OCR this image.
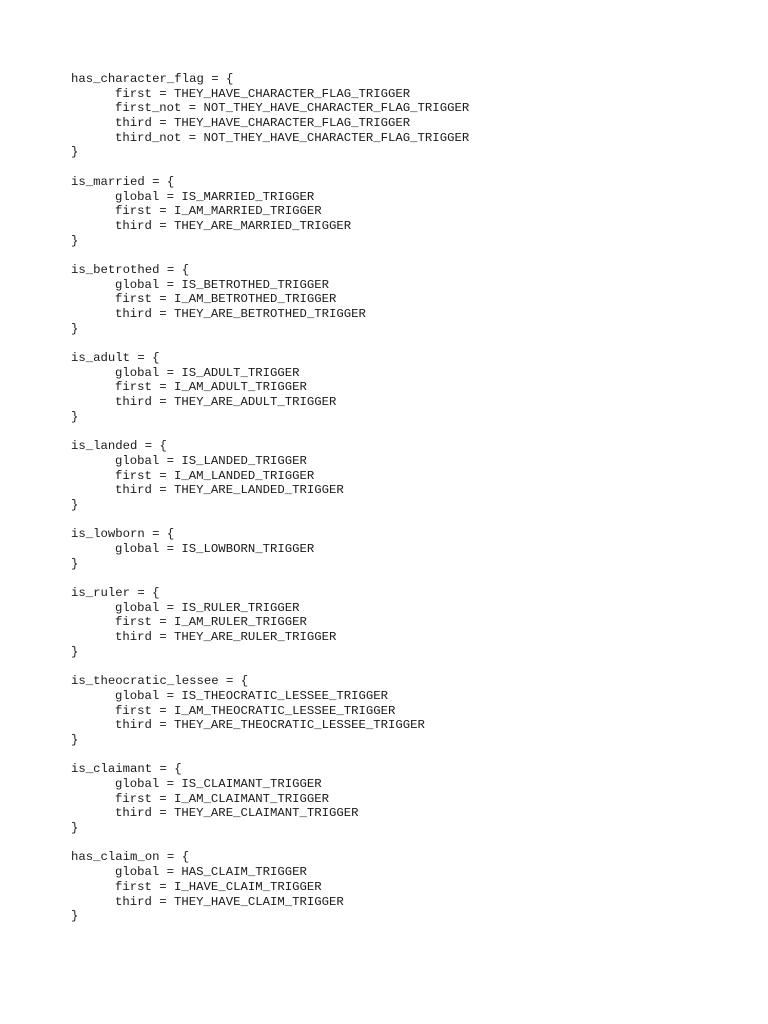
has_character_flag = {
first = THEY_HAVE_CHARACTER_FLAG_TRIGGER
first_not = NOT_THEY_HAVE_CHARACTER_FLAG_TRIGGER
third = THEY_HAVE_CHARACTER_FLAG_TRIGGER
third_not = NOT_THEY_HAVE_CHARACTER_FLAG_TRIGGER
}
is_married = {
global = IS_MARRIED_TRIGGER
first = I_AM_MARRIED_TRIGGER
third = THEY_ARE_MARRIED_TRIGGER
}
is_betrothed = {
global = IS_BETROTHED_TRIGGER
first = I_AM_BETROTHED_TRIGGER
third = THEY_ARE_BETROTHED_TRIGGER
}
is_adult = {
global = IS_ADULT_TRIGGER
first = I_AM_ADULT_TRIGGER
third = THEY_ARE_ADULT_TRIGGER
}
is_landed = {
global = IS_LANDED_TRIGGER
first = I_AM_LANDED_TRIGGER
third = THEY_ARE_LANDED_TRIGGER
}
is_lowborn = {
global = IS_LOWBORN_TRIGGER
}
is_ruler = {
global = IS_RULER_TRIGGER
first = I_AM_RULER_TRIGGER
third = THEY_ARE_RULER_TRIGGER
}
is_theocratic_lessee = {
global = IS_THEOCRATIC_LESSEE_TRIGGER
first = I_AM_THEOCRATIC_LESSEE_TRIGGER
third = THEY_ARE_THEOCRATIC_LESSEE_TRIGGER
}
is_claimant = {
global = IS_CLAIMANT_TRIGGER
first = I_AM_CLAIMANT_TRIGGER
third = THEY_ARE_CLAIMANT_TRIGGER
}
has_claim_on = {
global = HAS_CLAIM_TRIGGER
first = I_HAVE_CLAIM_TRIGGER
third = THEY_HAVE_CLAIM_TRIGGER
}
